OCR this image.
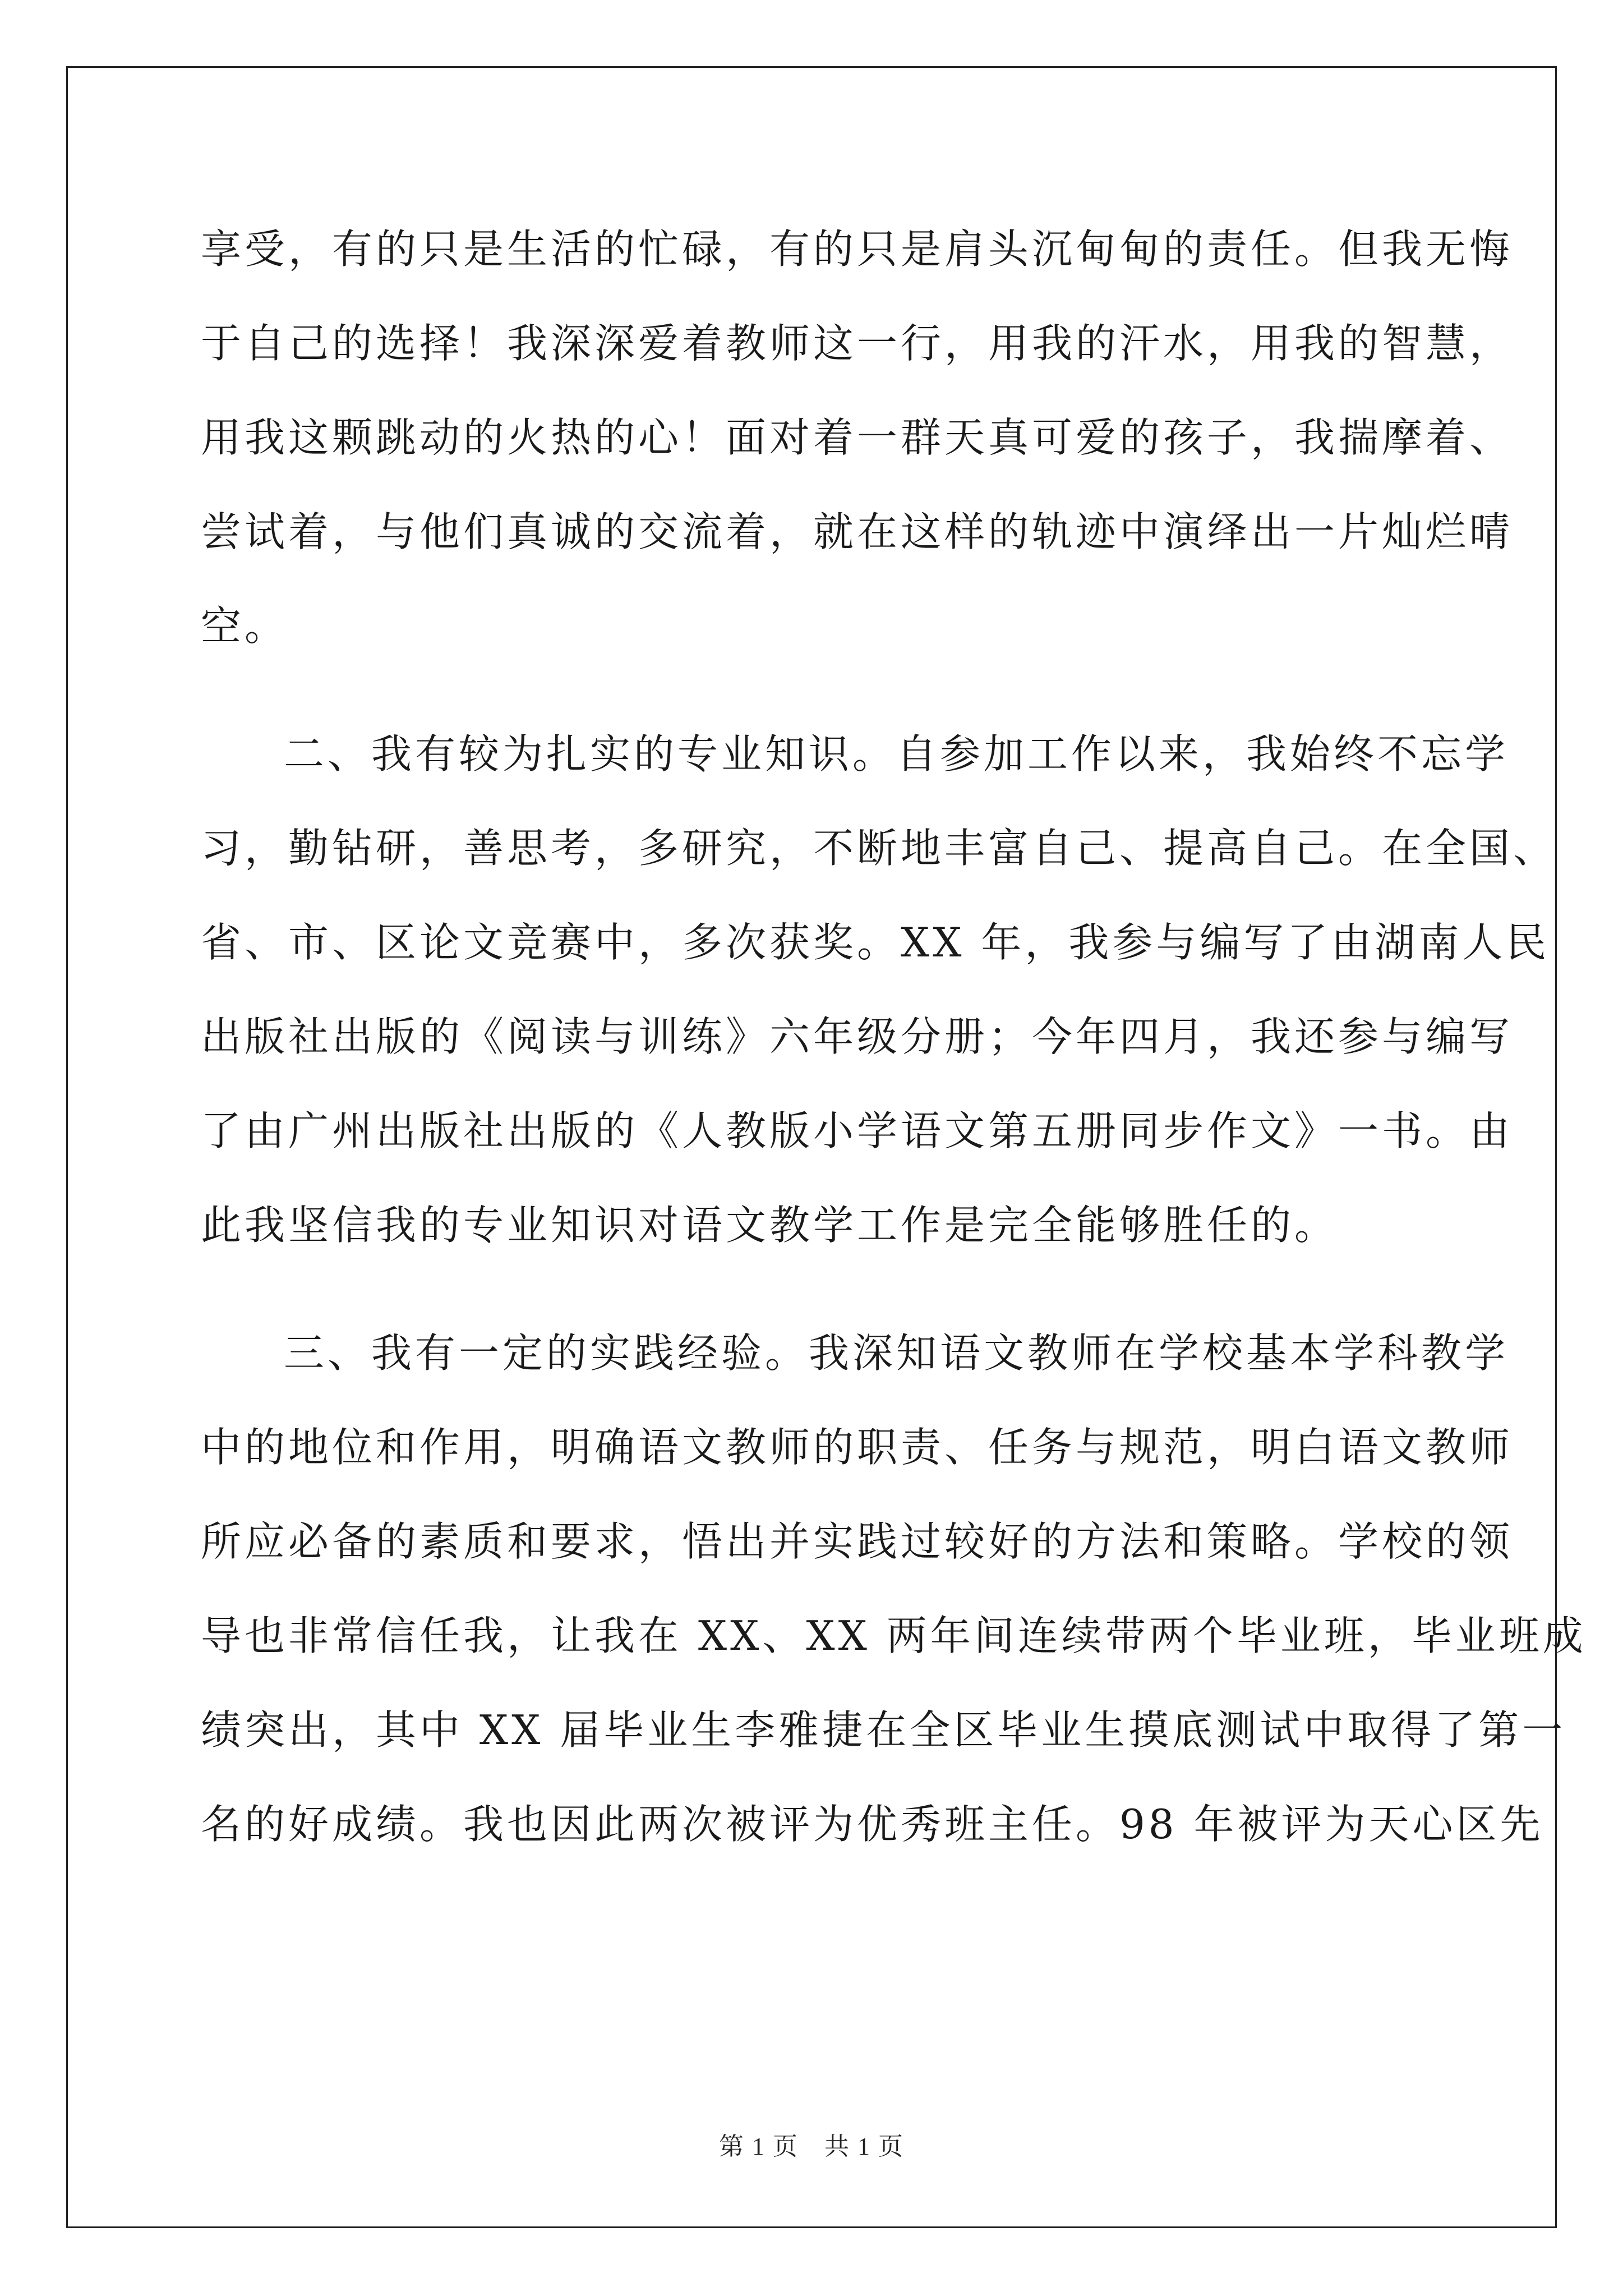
享受，有的只是生活的忙碌，有的只是肩头沉甸甸的责任。但我无悔
于自己的选择！我深深爱着教师这一行，用我的汗水，用我的智慧，
用我这颗跳动的火热的心！面对着一群天真可爱的孩子，我揣摩着、
尝试着，与他们真诚的交流着，就在这样的轨迹中演绎出一片灿烂晴
空。
二、我有较为扎实的专业知识。自参加工作以来，我始终不忘学
习，勤钻研，善思考，多研究，不断地丰富自己、提高自己。在全国、
省、市、区论文竞赛中，多次获奖。XX 年，我参与编写了由湖南人民
出版社出版的《阅读与训练》六年级分册；今年四月，我还参与编写
了由广州出版社出版的《人教版小学语文第五册同步作文》一书。由
此我坚信我的专业知识对语文教学工作是完全能够胜任的。
三、我有一定的实践经验。我深知语文教师在学校基本学科教学
中的地位和作用，明确语文教师的职责、任务与规范，明白语文教师
所应必备的素质和要求，悟出并实践过较好的方法和策略。学校的领
导也非常信任我，让我在 XX、XX 两年间连续带两个毕业班，毕业班成
绩突出，其中 XX 届毕业生李雅捷在全区毕业生摸底测试中取得了第一
名的好成绩。我也因此两次被评为优秀班主任。98 年被评为天心区先
第 1 页　共 1 页
